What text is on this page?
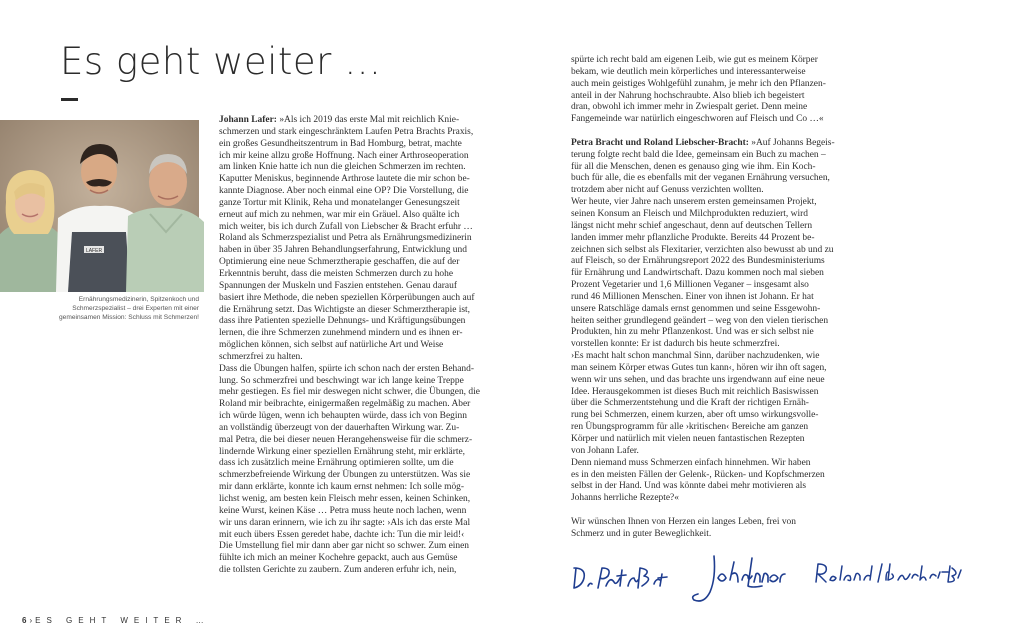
Es geht weiter …
LAFER
Ernährungsmedizinerin, Spitzenkoch und
Schmerzspezialist – drei Experten mit einer
gemeinsamen Mission: Schluss mit Schmerzen!
Johann Lafer: »Als ich 2019 das erste Mal mit reichlich Knie-
schmerzen und stark eingeschränktem Laufen Petra Brachts Praxis,
ein großes Gesundheitszentrum in Bad Homburg, betrat, machte
ich mir keine allzu große Hoffnung. Nach einer Arthroseoperation
am linken Knie hatte ich nun die gleichen Schmerzen im rechten.
Kaputter Meniskus, beginnende Arthrose lautete die mir schon be-
kannte Diagnose. Aber noch einmal eine OP? Die Vorstellung, die
ganze Tortur mit Klinik, Reha und monatelanger Genesungszeit
erneut auf mich zu nehmen, war mir ein Gräuel. Also quälte ich
mich weiter, bis ich durch Zufall von Liebscher & Bracht erfuhr …
Roland als Schmerzspezialist und Petra als Ernährungsmedizinerin
haben in über 35 Jahren Behandlungserfahrung, Entwicklung und
Optimierung eine neue Schmerztherapie geschaffen, die auf der
Erkenntnis beruht, dass die meisten Schmerzen durch zu hohe
Spannungen der Muskeln und Faszien entstehen. Genau darauf
basiert ihre Methode, die neben speziellen Körperübungen auch auf
die Ernährung setzt. Das Wichtigste an dieser Schmerztherapie ist,
dass ihre Patienten spezielle Dehnungs- und Kräftigungsübungen
lernen, die ihre Schmerzen zunehmend mindern und es ihnen er-
möglichen können, sich selbst auf natürliche Art und Weise
schmerzfrei zu halten.
Dass die Übungen halfen, spürte ich schon nach der ersten Behand-
lung. So schmerzfrei und beschwingt war ich lange keine Treppe
mehr gestiegen. Es fiel mir deswegen nicht schwer, die Übungen, die
Roland mir beibrachte, einigermaßen regelmäßig zu machen. Aber
ich würde lügen, wenn ich behaupten würde, dass ich von Beginn
an vollständig überzeugt von der dauerhaften Wirkung war. Zu-
mal Petra, die bei dieser neuen Herangehensweise für die schmerz-
lindernde Wirkung einer speziellen Ernährung steht, mir erklärte,
dass ich zusätzlich meine Ernährung optimieren sollte, um die
schmerzbefreiende Wirkung der Übungen zu unterstützen. Was sie
mir dann erklärte, konnte ich kaum ernst nehmen: Ich solle mög-
lichst wenig, am besten kein Fleisch mehr essen, keinen Schinken,
keine Wurst, keinen Käse … Petra muss heute noch lachen, wenn
wir uns daran erinnern, wie ich zu ihr sagte: ›Als ich das erste Mal
mit euch übers Essen geredet habe, dachte ich: Tun die mir leid!‹
Die Umstellung fiel mir dann aber gar nicht so schwer. Zum einen
fühlte ich mich an meiner Kochehre gepackt, auch aus Gemüse
die tollsten Gerichte zu zaubern. Zum anderen erfuhr ich, nein,
spürte ich recht bald am eigenen Leib, wie gut es meinem Körper
bekam, wie deutlich mein körperliches und interessanterweise
auch mein geistiges Wohlgefühl zunahm, je mehr ich den Pflanzen-
anteil in der Nahrung hochschraubte. Also blieb ich begeistert
dran, obwohl ich immer mehr in Zwiespalt geriet. Denn meine
Fangemeinde war natürlich eingeschworen auf Fleisch und Co …«
Petra Bracht und Roland Liebscher-Bracht: »Auf Johanns Begeis-
terung folgte recht bald die Idee, gemeinsam ein Buch zu machen –
für all die Menschen, denen es genauso ging wie ihm. Ein Koch-
buch für alle, die es ebenfalls mit der veganen Ernährung versuchen,
trotzdem aber nicht auf Genuss verzichten wollten.
Wer heute, vier Jahre nach unserem ersten gemeinsamen Projekt,
seinen Konsum an Fleisch und Milchprodukten reduziert, wird
längst nicht mehr schief angeschaut, denn auf deutschen Tellern
landen immer mehr pflanzliche Produkte. Bereits 44 Prozent be-
zeichnen sich selbst als Flexitarier, verzichten also bewusst ab und zu
auf Fleisch, so der Ernährungsreport 2022 des Bundesministeriums
für Ernährung und Landwirtschaft. Dazu kommen noch mal sieben
Prozent Vegetarier und 1,6 Millionen Veganer – insgesamt also
rund 46 Millionen Menschen. Einer von ihnen ist Johann. Er hat
unsere Ratschläge damals ernst genommen und seine Essgewohn-
heiten seither grundlegend geändert – weg von den vielen tierischen
Produkten, hin zu mehr Pflanzenkost. Und was er sich selbst nie
vorstellen konnte: Er ist dadurch bis heute schmerzfrei.
›Es macht halt schon manchmal Sinn, darüber nachzudenken, wie
man seinem Körper etwas Gutes tun kann‹, hören wir ihn oft sagen,
wenn wir uns sehen, und das brachte uns irgendwann auf eine neue
Idee. Herausgekommen ist dieses Buch mit reichlich Basiswissen
über die Schmerzentstehung und die Kraft der richtigen Ernäh-
rung bei Schmerzen, einem kurzen, aber oft umso wirkungsvolle-
ren Übungsprogramm für alle ›kritischen‹ Bereiche am ganzen
Körper und natürlich mit vielen neuen fantastischen Rezepten
von Johann Lafer.
Denn niemand muss Schmerzen einfach hinnehmen. Wir haben
es in den meisten Fällen der Gelenk-, Rücken- und Kopfschmerzen
selbst in der Hand. Und was könnte dabei mehr motivieren als
Johanns herrliche Rezepte?«
Wir wünschen Ihnen von Herzen ein langes Leben, frei von
Schmerz und in guter Beweglichkeit.
6 › ES GEHT WEITER …
